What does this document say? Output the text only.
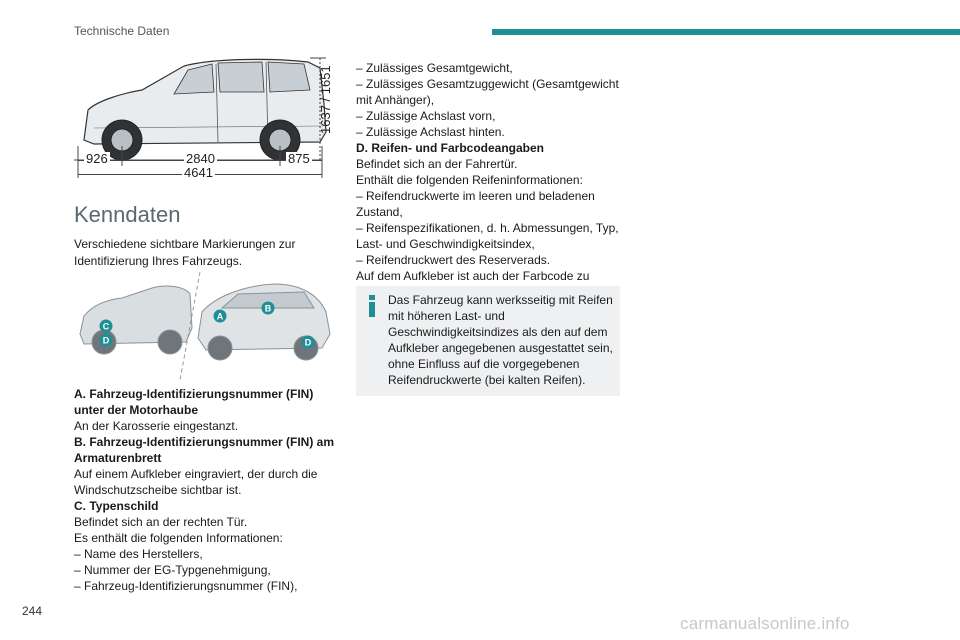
Technische Daten
926	2840	875
4641
1637 / 1651
Kenndaten
Verschiedene sichtbare Markierungen zur Identifizierung Ihres Fahrzeugs.
C
D
A
B
D

A. Fahrzeug-Identifizierungsnummer (FIN) unter der Motorhaube

An der Karosserie eingestanzt.

B. Fahrzeug-Identifizierungsnummer (FIN) am Armaturenbrett

Auf einem Aufkleber eingraviert, der durch die Windschutzscheibe sichtbar ist.

C. Typenschild

Befindet sich an der rechten Tür.

Es enthält die folgenden Informationen:

– Name des Herstellers,

– Nummer der EG-Typgenehmigung,

– Fahrzeug-Identifizierungsnummer (FIN),

– Zulässiges Gesamtgewicht,

– Zulässiges Gesamtzuggewicht (Gesamtgewicht mit Anhänger),

– Zulässige Achslast vorn,

– Zulässige Achslast hinten.

D. Reifen- und Farbcodeangaben

Befindet sich an der Fahrertür.

Enthält die folgenden Reifeninformationen:

– Reifendruckwerte im leeren und beladenen Zustand,

– Reifenspezifikationen, d. h. Abmessungen, Typ, Last- und Geschwindigkeitsindex,

– Reifendruckwert des Reserverads.

Auf dem Aufkleber ist auch der Farbcode zu

Das Fahrzeug kann werksseitig mit Reifen mit höheren Last- und Geschwindigkeitsindizes als den auf dem Aufkleber angegebenen ausgestattet sein, ohne Einfluss auf die vorgegebenen Reifendruckwerte (bei kalten Reifen).

244
carmanualsonline.info
